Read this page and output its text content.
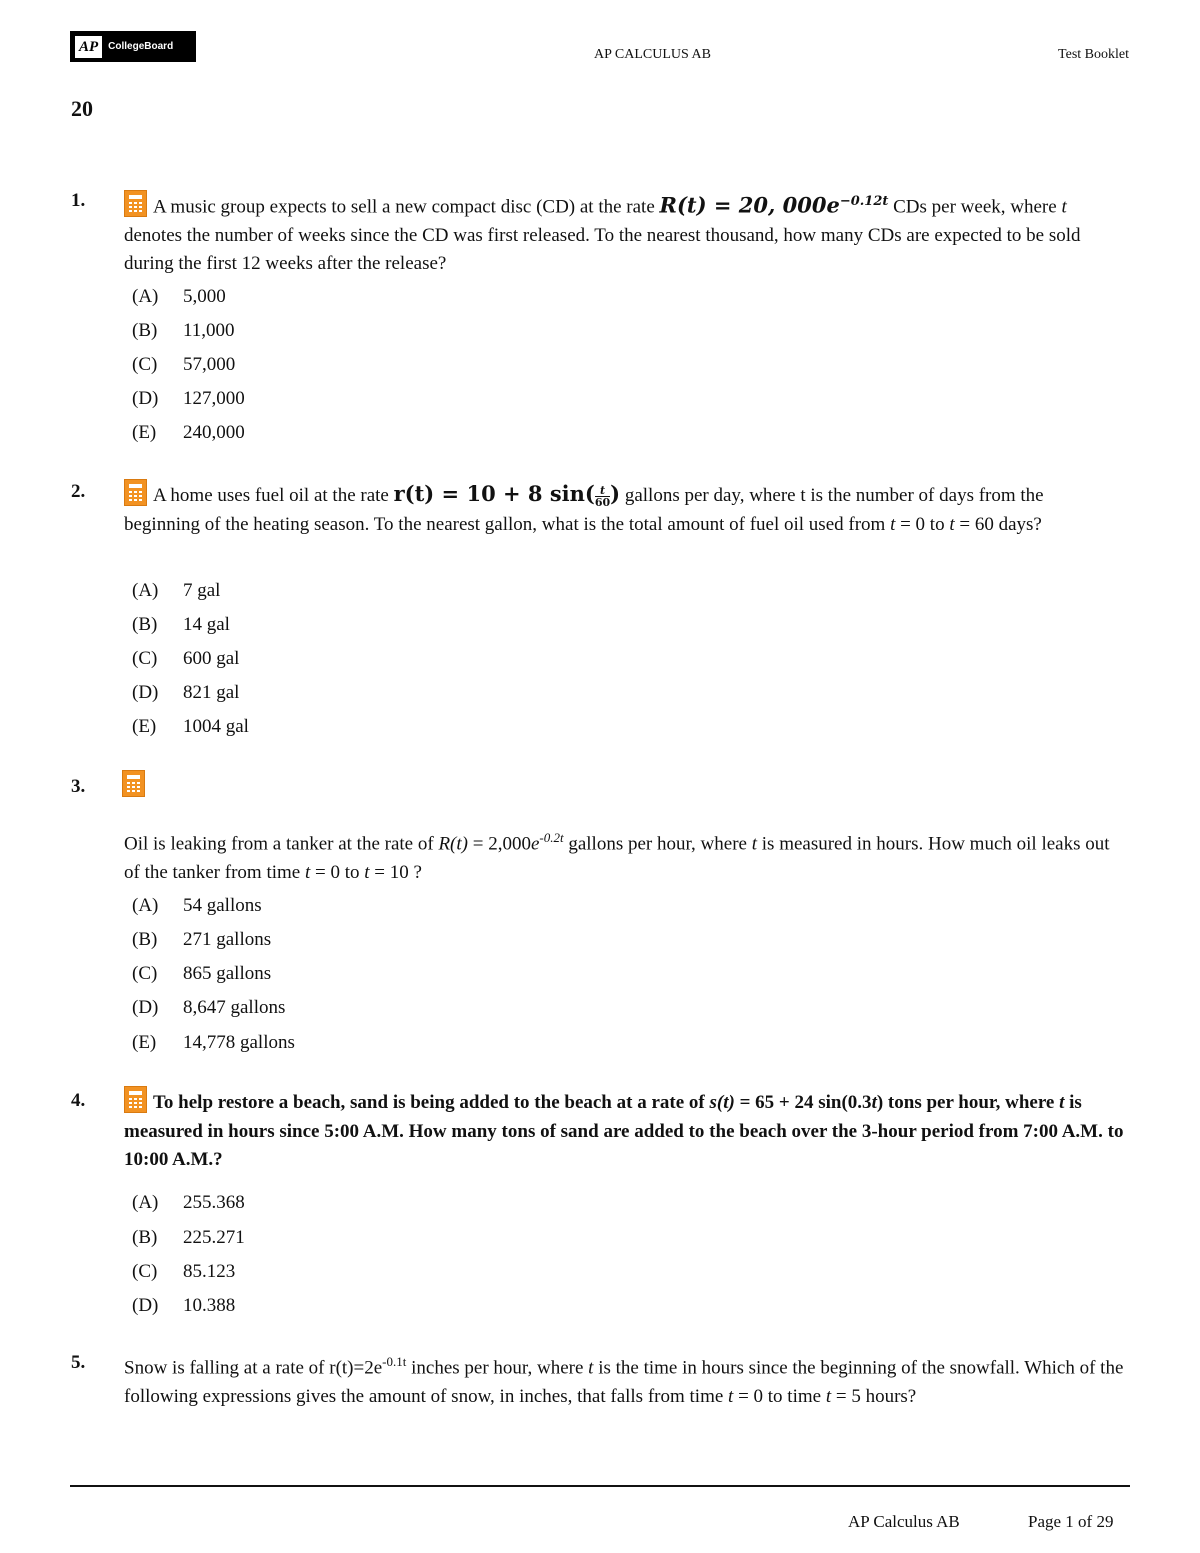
AP	CollegeBoard
AP CALCULUS AB	Test Booklet
20
1.	A music group expects to sell a new compact disc (CD) at the rate R(t) = 20, $000e^{-0.12t}$ CDs per week, where t denotes the number of weeks since the CD was first released. To the nearest thousand, how many CDs are expected to be sold during the first 12 weeks after the release?
(A) 5,000
(B) 11,000
(C) 57,000
(D) 127,000
(E) 240,000
2.	A home uses fuel oil at the rate r(t) = 10 + 8 $\sin( \frac{t}{60}$ ) gallons per day, where t is the number of days from the beginning of the heating season. To the nearest gallon, what is the total amount of fuel oil used from t = 0 to t = 60 days?
(A) 7 gal
(B) 14 gal
(C) 600 gal
(D) 821 gal
(E) 1004 gal
3.
Oil is leaking from a tanker at the rate of $R(t) = 2,000e^{-0.2t}$ gallons per hour, where t is measured in hours. How much oil leaks out of the tanker from time t = 0 to t = 10 ?
(A) 54 gallons
(B) 271 gallons
(C) 865 gallons
(D) 8,647 gallons
(E) 14,778 gallons
4.	To help restore a beach, sand is being added to the beach at a rate of s(t) = 65 + 24 sin(0.3t) tons per hour, where t is measured in hours since 5:00 A.M. How many tons of sand are added to the beach over the 3-hour period from 7:00 A.M. to 10:00 A.M.?
(A) 255.368
(B) 225.271
(C) 85.123
(D) 10.388
5. Snow is falling at a rate of $r(t)=2e^{-0.1t}$ inches per hour, where t is the time in hours since the beginning of the snowfall. Which of the following expressions gives the amount of snow, in inches, that falls from time t = 0 to time t = 5 hours?
AP Calculus AB	Page 1 of 29
